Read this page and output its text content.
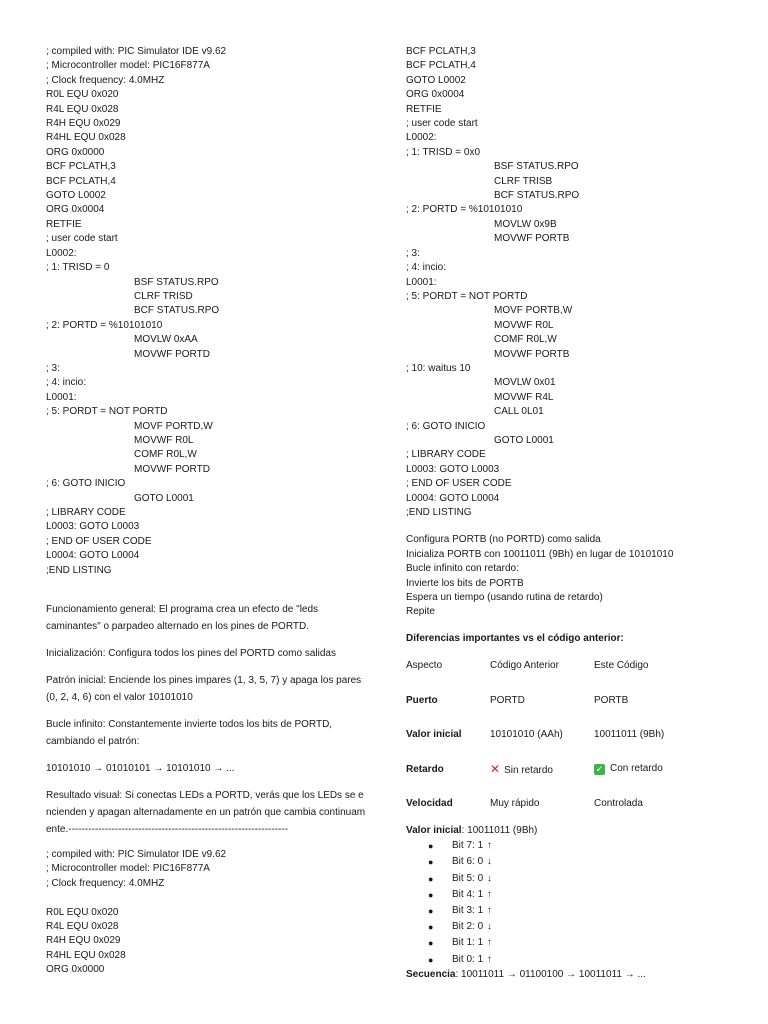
; compiled with: PIC Simulator IDE v9.62
; Microcontroller model: PIC16F877A
; Clock frequency: 4.0MHZ
R0L EQU 0x020
R4L EQU 0x028
R4H EQU 0x029
R4HL EQU 0x028
ORG 0x0000
BCF PCLATH,3
BCF PCLATH,4
GOTO L0002
ORG 0x0004
RETFIE
; user code start
L0002:
; 1: TRISD = 0
BSF STATUS.RPO
CLRF TRISD
BCF STATUS.RPO
; 2: PORTD = %10101010
MOVLW 0xAA
MOVWF PORTD
; 3:
; 4: incio:
L0001:
; 5: PORDT = NOT PORTD
MOVF PORTD,W
MOVWF R0L
COMF R0L,W
MOVWF PORTD
; 6: GOTO INICIO
GOTO L0001
; LIBRARY CODE
L0003: GOTO L0003
; END OF USER CODE
L0004: GOTO L0004
;END LISTING

Funcionamiento general: El programa crea un efecto de "leds caminantes" o parpadeo alternado en los pines de PORTD.

Inicialización: Configura todos los pines del PORTD como salidas

Patrón inicial: Enciende los pines impares (1, 3, 5, 7) y apaga los pares (0, 2, 4, 6) con el valor 10101010

Bucle infinito: Constantemente invierte todos los bits de PORTD, cambiando el patrón:

10101010 → 01010101 → 10101010 → ...

Resultado visual: Si conectas LEDs a PORTD, verás que los LEDs se encienden y apagan alternadamente en un patrón que cambia continuamente.------------------------------------------------------------------

; compiled with: PIC Simulator IDE v9.62
; Microcontroller model: PIC16F877A
; Clock frequency: 4.0MHZ
R0L EQU 0x020
R4L EQU 0x028
R4H EQU 0x029
R4HL EQU 0x028
ORG 0x0000
BCF PCLATH,3
BCF PCLATH,4
GOTO L0002
ORG 0x0004
RETFIE
; user code start
L0002:
; 1: TRISD = 0x0
BSF STATUS.RPO
CLRF TRISB
BCF STATUS.RPO
; 2: PORTD = %10101010
MOVLW 0x9B
MOVWF PORTB
; 3:
; 4: incio:
L0001:
; 5: PORDT = NOT PORTD
MOVF PORTB,W
MOVWF R0L
COMF R0L,W
MOVWF PORTB
; 10: waitus 10
MOVLW 0x01
MOVWF R4L
CALL 0L01
; 6: GOTO INICIO
GOTO L0001
; LIBRARY CODE
L0003: GOTO L0003
; END OF USER CODE
L0004: GOTO L0004
;END LISTING
Configura PORTB (no PORTD) como salida
Inicializa PORTB con 10011011 (9Bh) en lugar de 10101010
Bucle infinito con retardo:
Invierte los bits de PORTB
Espera un tiempo (usando rutina de retardo)
Repite
Diferencias importantes vs el código anterior:
Aspecto	Código Anterior	Este Código
Puerto	PORTD	PORTB
Valor inicial	10101010 (AAh)	10011011 (9Bh)
Retardo	✕ Sin retardo	✓ Con retardo
Velocidad	Muy rápido	Controlada
Valor inicial: 10011011 (9Bh)
● Bit 7: 1 ↑
● Bit 6: 0 ↓
● Bit 5: 0 ↓
● Bit 4: 1 ↑
● Bit 3: 1 ↑
● Bit 2: 0 ↓
● Bit 1: 1 ↑
● Bit 0: 1 ↑
Secuencia: 10011011 → 01100100 → 10011011 → ...
